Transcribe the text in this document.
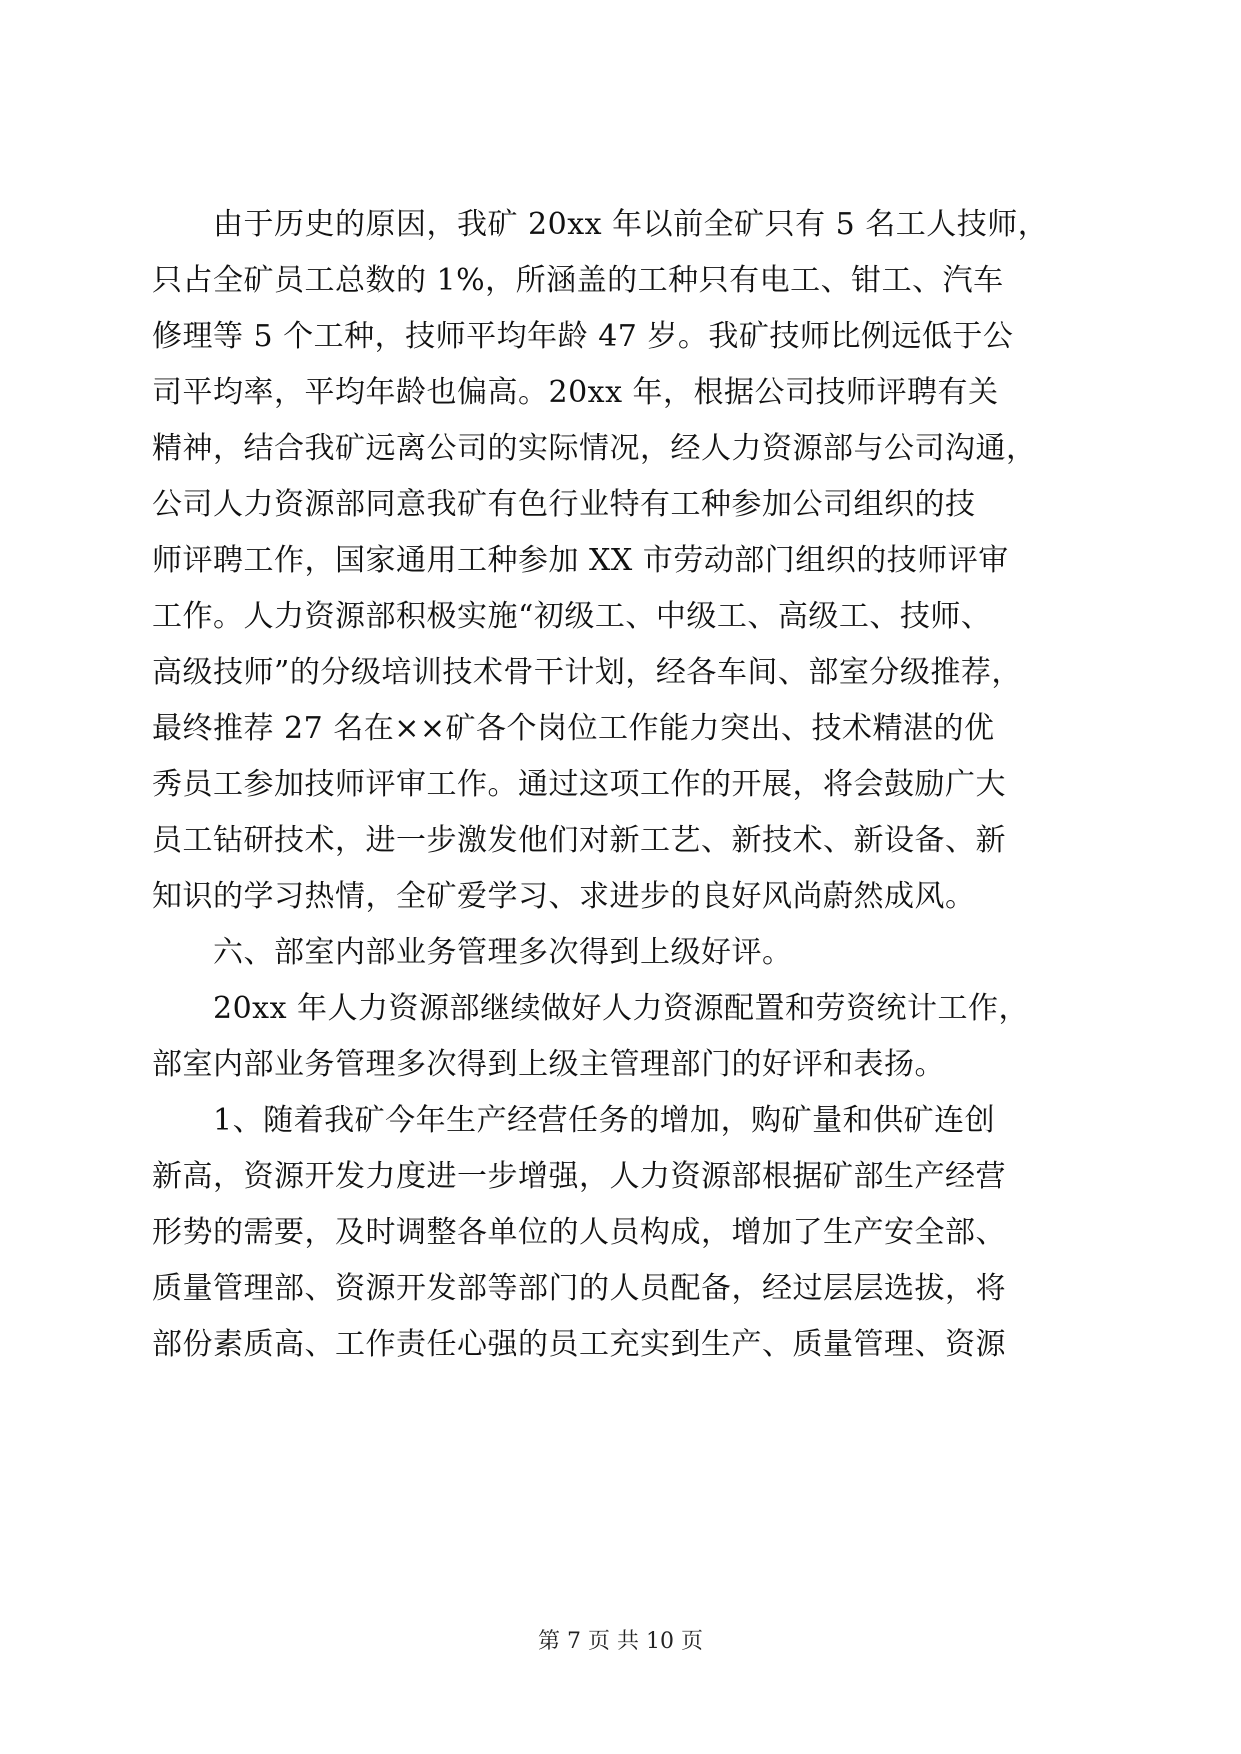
由于历史的原因，我矿 20xx 年以前全矿只有 5 名工人技师，
只占全矿员工总数的 1%，所涵盖的工种只有电工、钳工、汽车
修理等 5 个工种，技师平均年龄 47 岁。我矿技师比例远低于公
司平均率，平均年龄也偏高。20xx 年，根据公司技师评聘有关
精神，结合我矿远离公司的实际情况，经人力资源部与公司沟通，
公司人力资源部同意我矿有色行业特有工种参加公司组织的技
师评聘工作，国家通用工种参加 XX 市劳动部门组织的技师评审
工作。人力资源部积极实施“初级工、中级工、高级工、技师、
高级技师”的分级培训技术骨干计划，经各车间、部室分级推荐，
最终推荐 27 名在××矿各个岗位工作能力突出、技术精湛的优
秀员工参加技师评审工作。通过这项工作的开展，将会鼓励广大
员工钻研技术，进一步激发他们对新工艺、新技术、新设备、新
知识的学习热情，全矿爱学习、求进步的良好风尚蔚然成风。
六、部室内部业务管理多次得到上级好评。
20xx 年人力资源部继续做好人力资源配置和劳资统计工作，
部室内部业务管理多次得到上级主管理部门的好评和表扬。
1、随着我矿今年生产经营任务的增加，购矿量和供矿连创
新高，资源开发力度进一步增强，人力资源部根据矿部生产经营
形势的需要，及时调整各单位的人员构成，增加了生产安全部、
质量管理部、资源开发部等部门的人员配备，经过层层选拔，将
部份素质高、工作责任心强的员工充实到生产、质量管理、资源
第 7 页 共 10 页
